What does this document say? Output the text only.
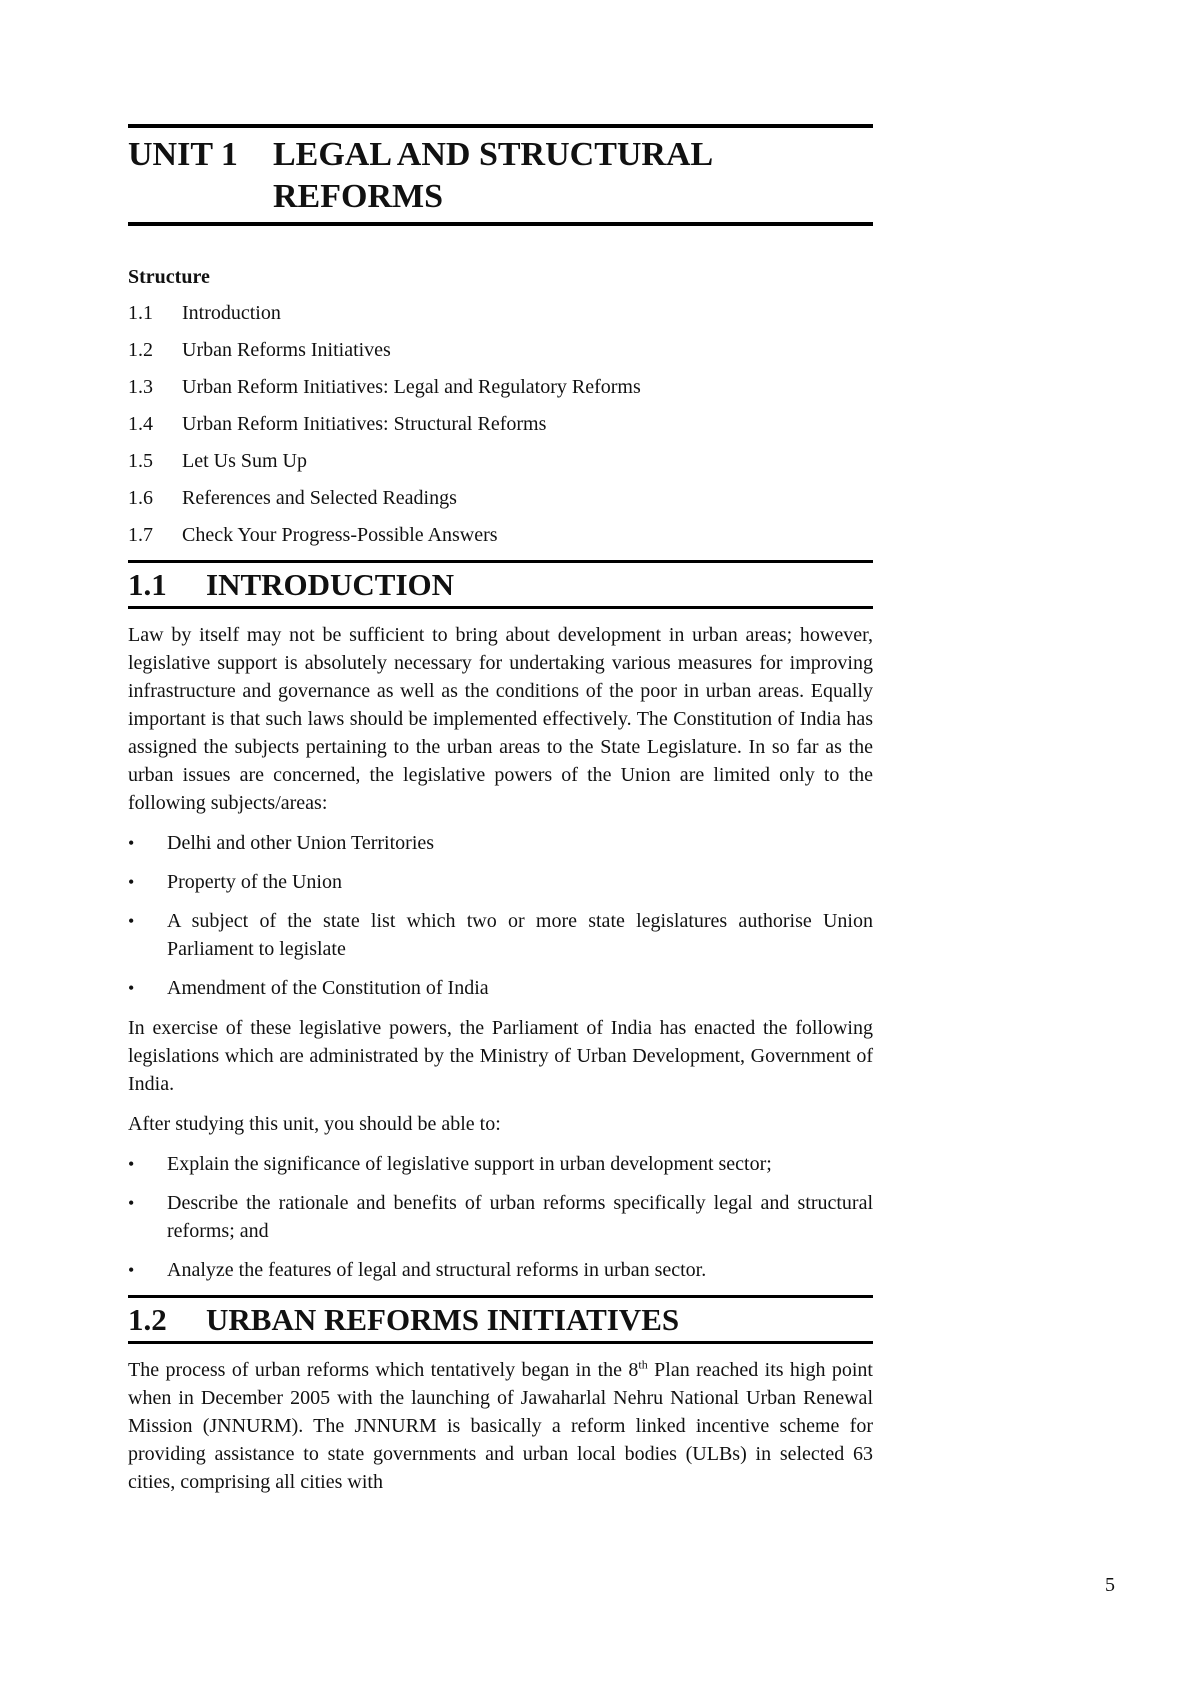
UNIT 1	LEGAL AND STRUCTURAL
REFORMS
Structure
1.1	Introduction
1.2	Urban Reforms Initiatives
1.3	Urban Reform Initiatives: Legal and Regulatory Reforms
1.4	Urban Reform Initiatives: Structural Reforms
1.5	Let Us Sum Up
1.6	References and Selected Readings
1.7	Check Your Progress-Possible Answers
1.1	INTRODUCTION

Law by itself may not be sufficient to bring about development in urban areas; however, legislative support is absolutely necessary for undertaking various measures for improving infrastructure and governance as well as the conditions of the poor in urban areas. Equally important is that such laws should be implemented effectively. The Constitution of India has assigned the subjects pertaining to the urban areas to the State Legislature. In so far as the urban issues are concerned, the legislative powers of the Union are limited only to the following subjects/areas:

•	Delhi and other Union Territories
•	Property of the Union
•	A subject of the state list which two or more state legislatures authorise Union Parliament to legislate
•	Amendment of the Constitution of India

In exercise of these legislative powers, the Parliament of India has enacted the following legislations which are administrated by the Ministry of Urban Development, Government of India.

After studying this unit, you should be able to:

•	Explain the significance of legislative support in urban development sector;
•	Describe the rationale and benefits of urban reforms specifically legal and structural reforms; and
•	Analyze the features of legal and structural reforms in urban sector.
1.2	URBAN REFORMS INITIATIVES

The process of urban reforms which tentatively began in the 8th Plan reached its high point when in December 2005 with the launching of Jawaharlal Nehru National Urban Renewal Mission (JNNURM). The JNNURM is basically a reform linked incentive scheme for providing assistance to state governments and urban local bodies (ULBs) in selected 63 cities, comprising all cities with

5
